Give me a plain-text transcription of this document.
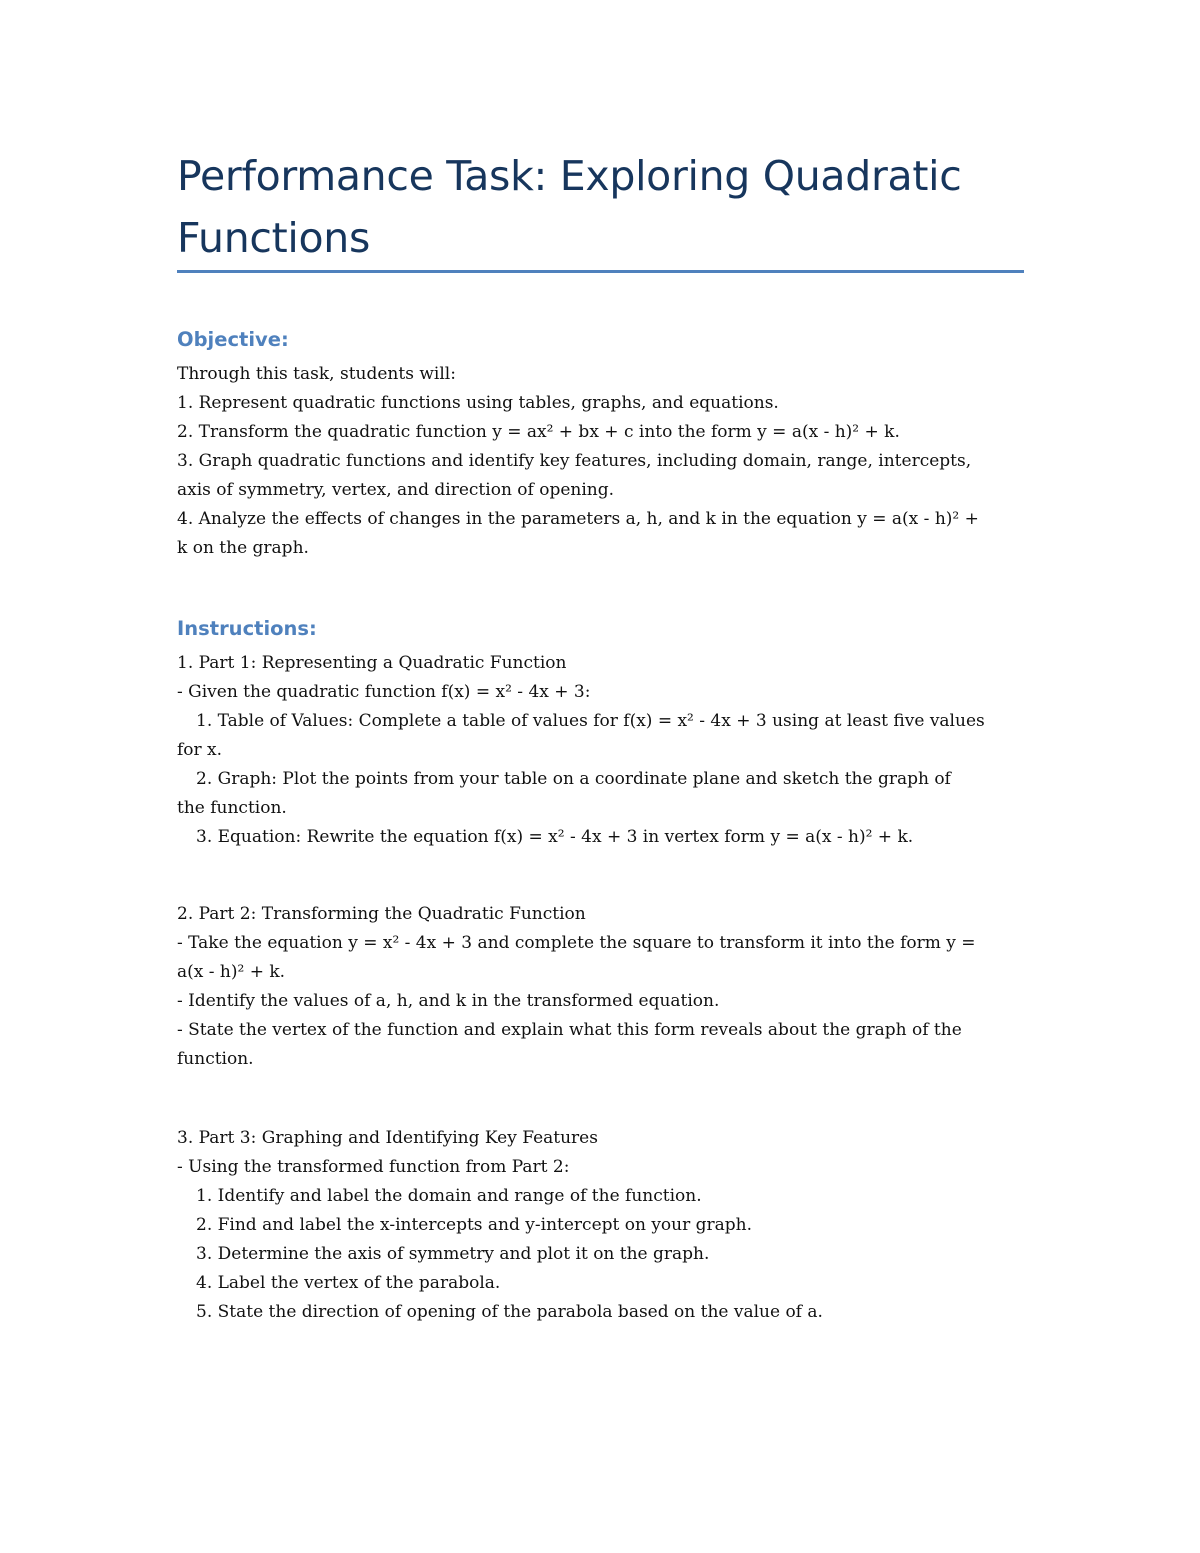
Performance Task: Exploring Quadratic
Functions
Objective:
Through this task, students will:
1. Represent quadratic functions using tables, graphs, and equations.
2. Transform the quadratic function y = ax² + bx + c into the form y = a(x - h)² + k.
3. Graph quadratic functions and identify key features, including domain, range, intercepts,
axis of symmetry, vertex, and direction of opening.
4. Analyze the effects of changes in the parameters a, h, and k in the equation y = a(x - h)² +
k on the graph.
Instructions:
1. Part 1: Representing a Quadratic Function
- Given the quadratic function f(x) = x² - 4x + 3:
1. Table of Values: Complete a table of values for f(x) = x² - 4x + 3 using at least five values
for x.
2. Graph: Plot the points from your table on a coordinate plane and sketch the graph of
the function.
3. Equation: Rewrite the equation f(x) = x² - 4x + 3 in vertex form y = a(x - h)² + k.
2. Part 2: Transforming the Quadratic Function
- Take the equation y = x² - 4x + 3 and complete the square to transform it into the form y =
a(x - h)² + k.
- Identify the values of a, h, and k in the transformed equation.
- State the vertex of the function and explain what this form reveals about the graph of the
function.
3. Part 3: Graphing and Identifying Key Features
- Using the transformed function from Part 2:
1. Identify and label the domain and range of the function.
2. Find and label the x-intercepts and y-intercept on your graph.
3. Determine the axis of symmetry and plot it on the graph.
4. Label the vertex of the parabola.
5. State the direction of opening of the parabola based on the value of a.
